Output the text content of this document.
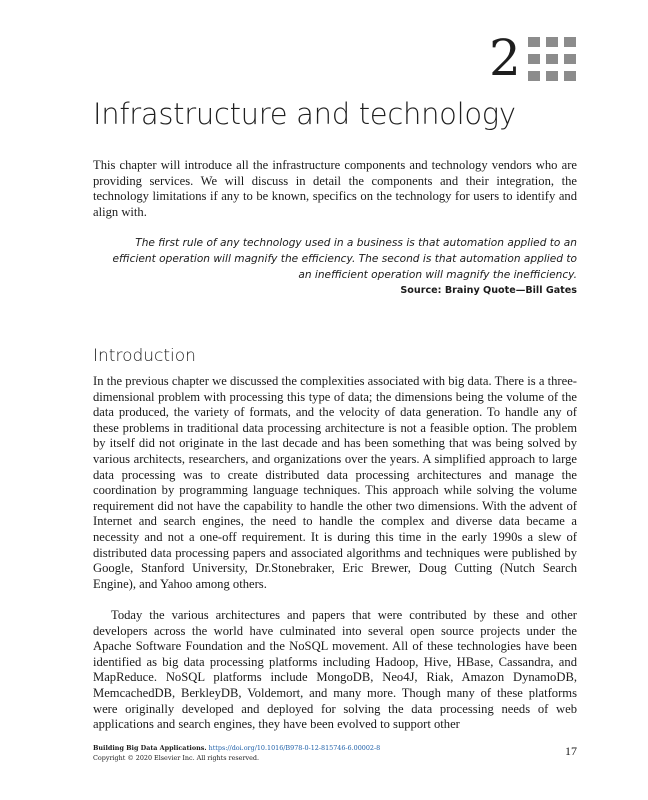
2
Infrastructure and technology

This chapter will introduce all the infrastructure components and technology vendors who are providing services. We will discuss in detail the components and their integration, the technology limitations if any to be known, specifics on the technology for users to identify and align with.

The first rule of any technology used in a business is that automation applied to an efficient operation will magnify the efficiency. The second is that automation applied to an inefficient operation will magnify the inefficiency.

Source: Brainy Quote—Bill Gates

Introduction

In the previous chapter we discussed the complexities associated with big data. There is a three-dimensional problem with processing this type of data; the dimensions being the volume of the data produced, the variety of formats, and the velocity of data generation. To handle any of these problems in traditional data processing architecture is not a feasible option. The problem by itself did not originate in the last decade and has been something that was being solved by various architects, researchers, and organizations over the years. A simplified approach to large data processing was to create distributed data processing architectures and manage the coordination by programming language techniques. This approach while solving the volume requirement did not have the capability to handle the other two dimensions. With the advent of Internet and search engines, the need to handle the complex and diverse data became a necessity and not a one-off requirement. It is during this time in the early 1990s a slew of distributed data processing papers and associated algorithms and techniques were published by Google, Stanford University, Dr.Stonebraker, Eric Brewer, Doug Cutting (Nutch Search Engine), and Yahoo among others.

Today the various architectures and papers that were contributed by these and other developers across the world have culminated into several open source projects under the Apache Software Foundation and the NoSQL movement. All of these technologies have been identified as big data processing platforms including Hadoop, Hive, HBase, Cassandra, and MapReduce. NoSQL platforms include MongoDB, Neo4J, Riak, Amazon DynamoDB, MemcachedDB, BerkleyDB, Voldemort, and many more. Though many of these platforms were originally developed and deployed for solving the data processing needs of web applications and search engines, they have been evolved to support other

Building Big Data Applications. https://doi.org/10.1016/B978-0-12-815746-6.00002-8
Copyright © 2020 Elsevier Inc. All rights reserved.	17
